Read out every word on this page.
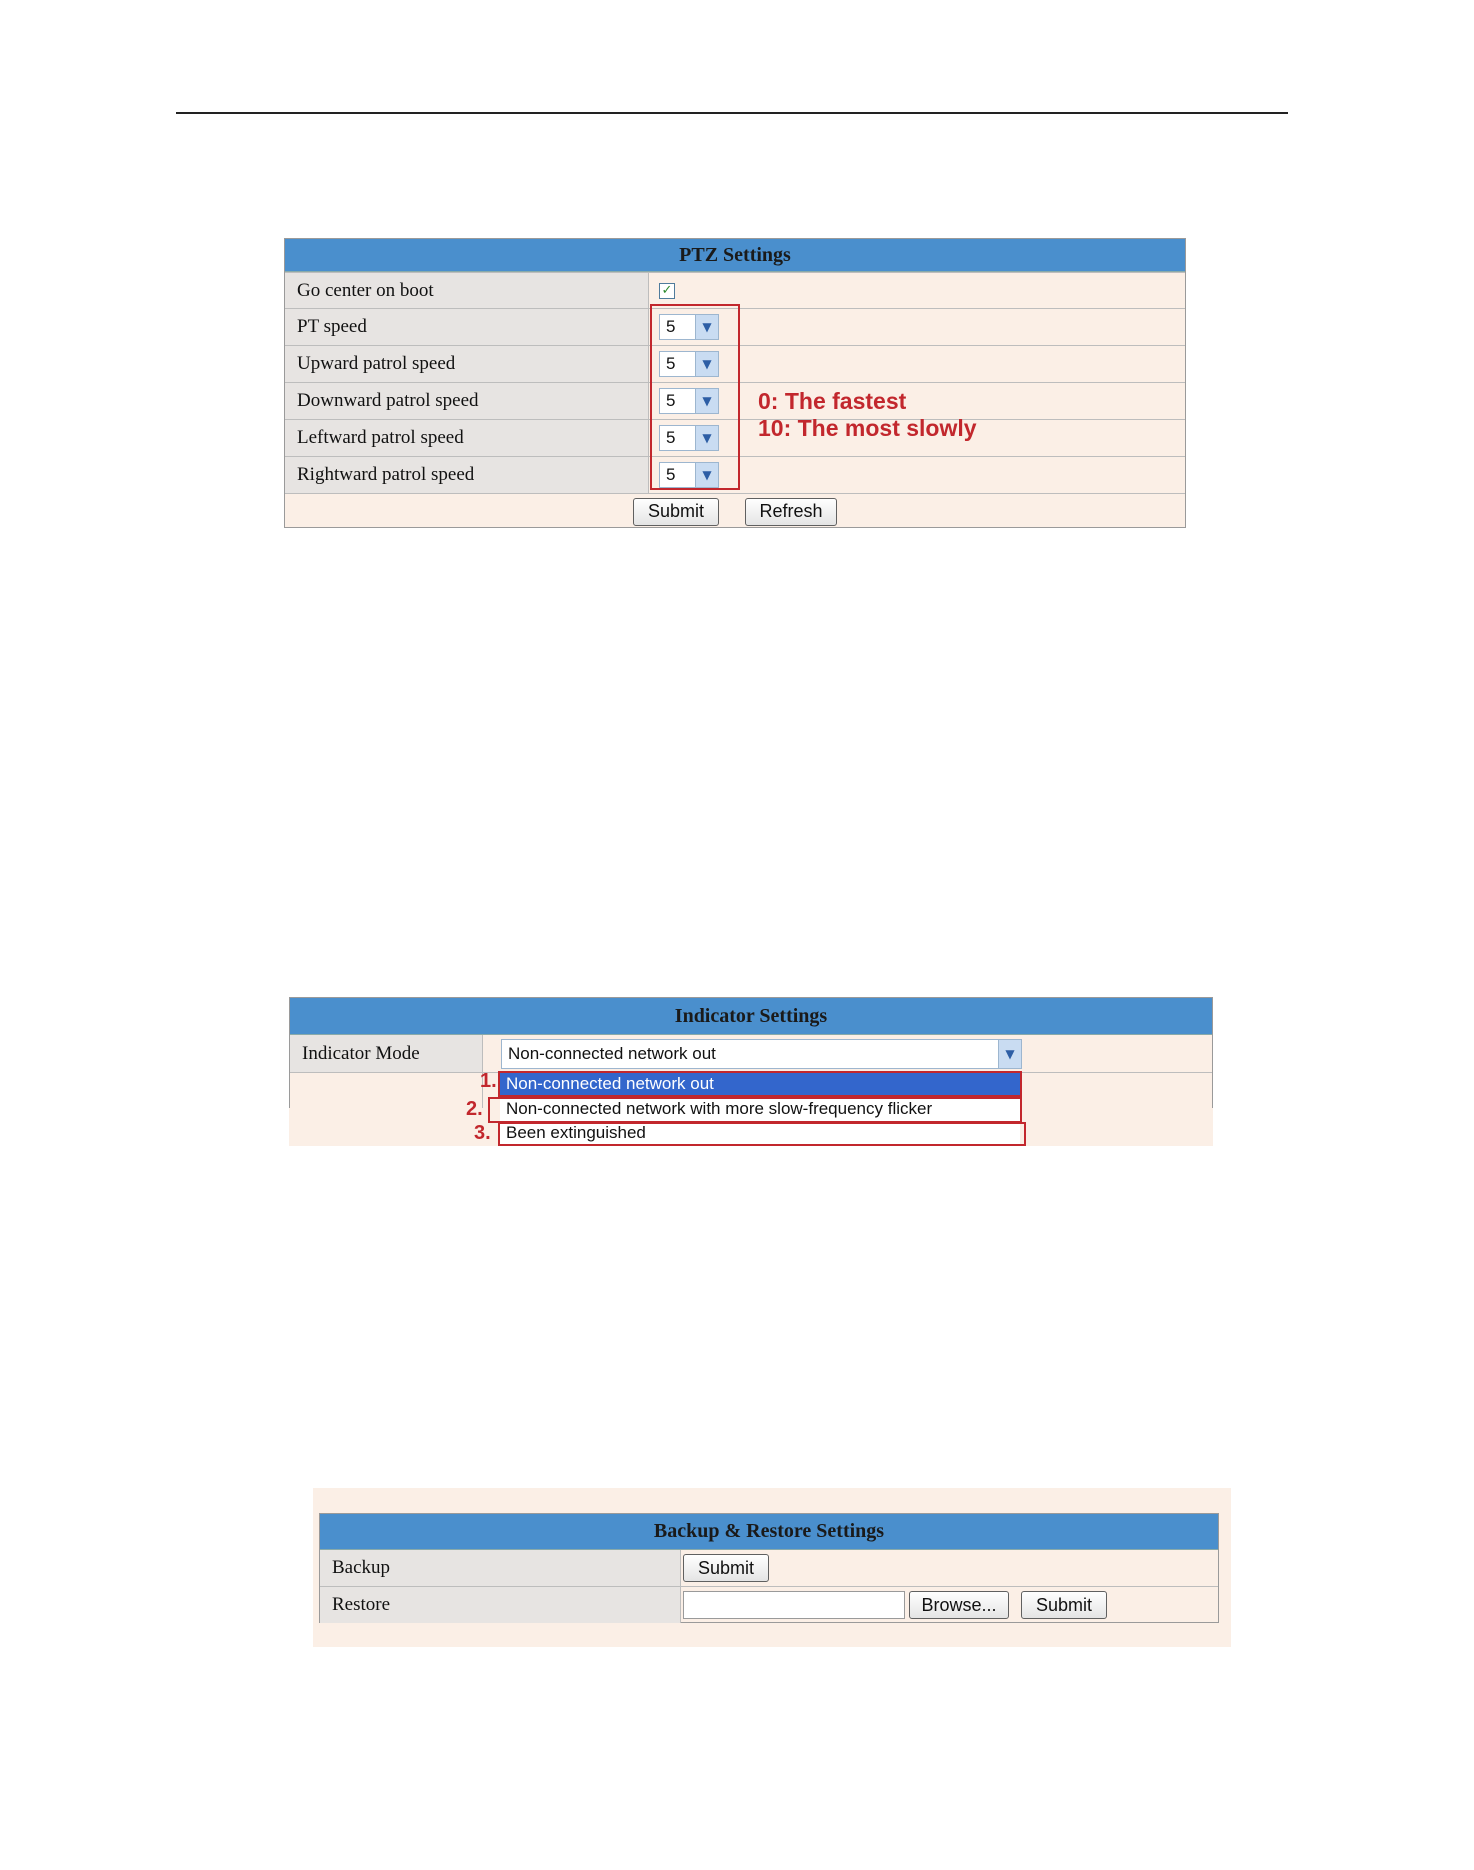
PTZ Settings
Go center on boot	✓
PT speed	5	▼
Upward patrol speed	5	▼
Downward patrol speed	5	▼
Leftward patrol speed	5	▼
Rightward patrol speed	5	▼
Submit	Refresh
0: The fastest
10: The most slowly
Indicator Settings
Indicator Mode	Non-connected network out	▼
Non-connected network out
Non-connected network with more slow-frequency flicker
Been extinguished
1.
2.
3.
Backup & Restore Settings
Backup	Submit
Restore	Browse...	Submit
